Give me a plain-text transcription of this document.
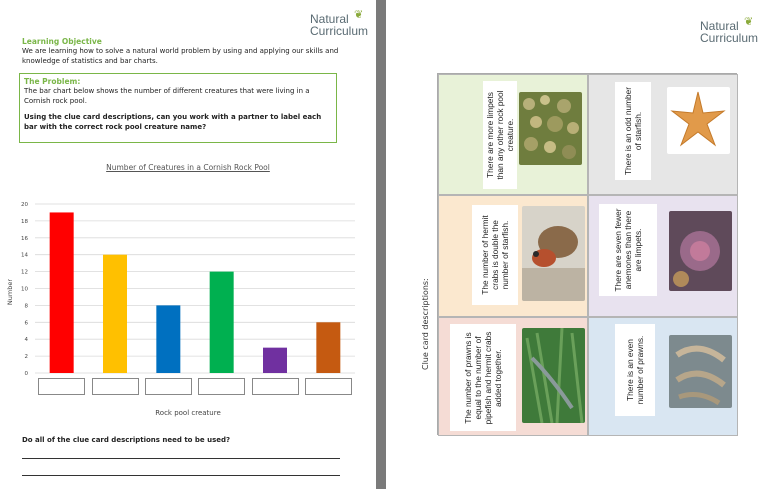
❦
Natural
Curriculum
Learning Objective
We are learning how to solve a natural world problem by using and applying our skills and knowledge of statistics and bar charts.
The Problem:
The bar chart below shows the number of different creatures that were living in a Cornish rock pool.
Using the clue card descriptions, can you work with a partner to label each bar with the correct rock pool creature name?
Number of Creatures in a Cornish Rock Pool
0
2
4
6
8
10
12
14
16
18
20
Number
Rock pool creature
Do all of the clue card descriptions need to be used?
❦
Natural
Curriculum
Clue card descriptions:
There are more limpets
than any other rock pool
creature.	There is an odd number
of starfish.
The number of hermit
crabs is double the
number of starfish.	There are seven fewer
anemones than there
are limpets.
The number of prawns is
equal to the number of
pipefish and hermit crabs
added together.	There is an even
number of prawns.
